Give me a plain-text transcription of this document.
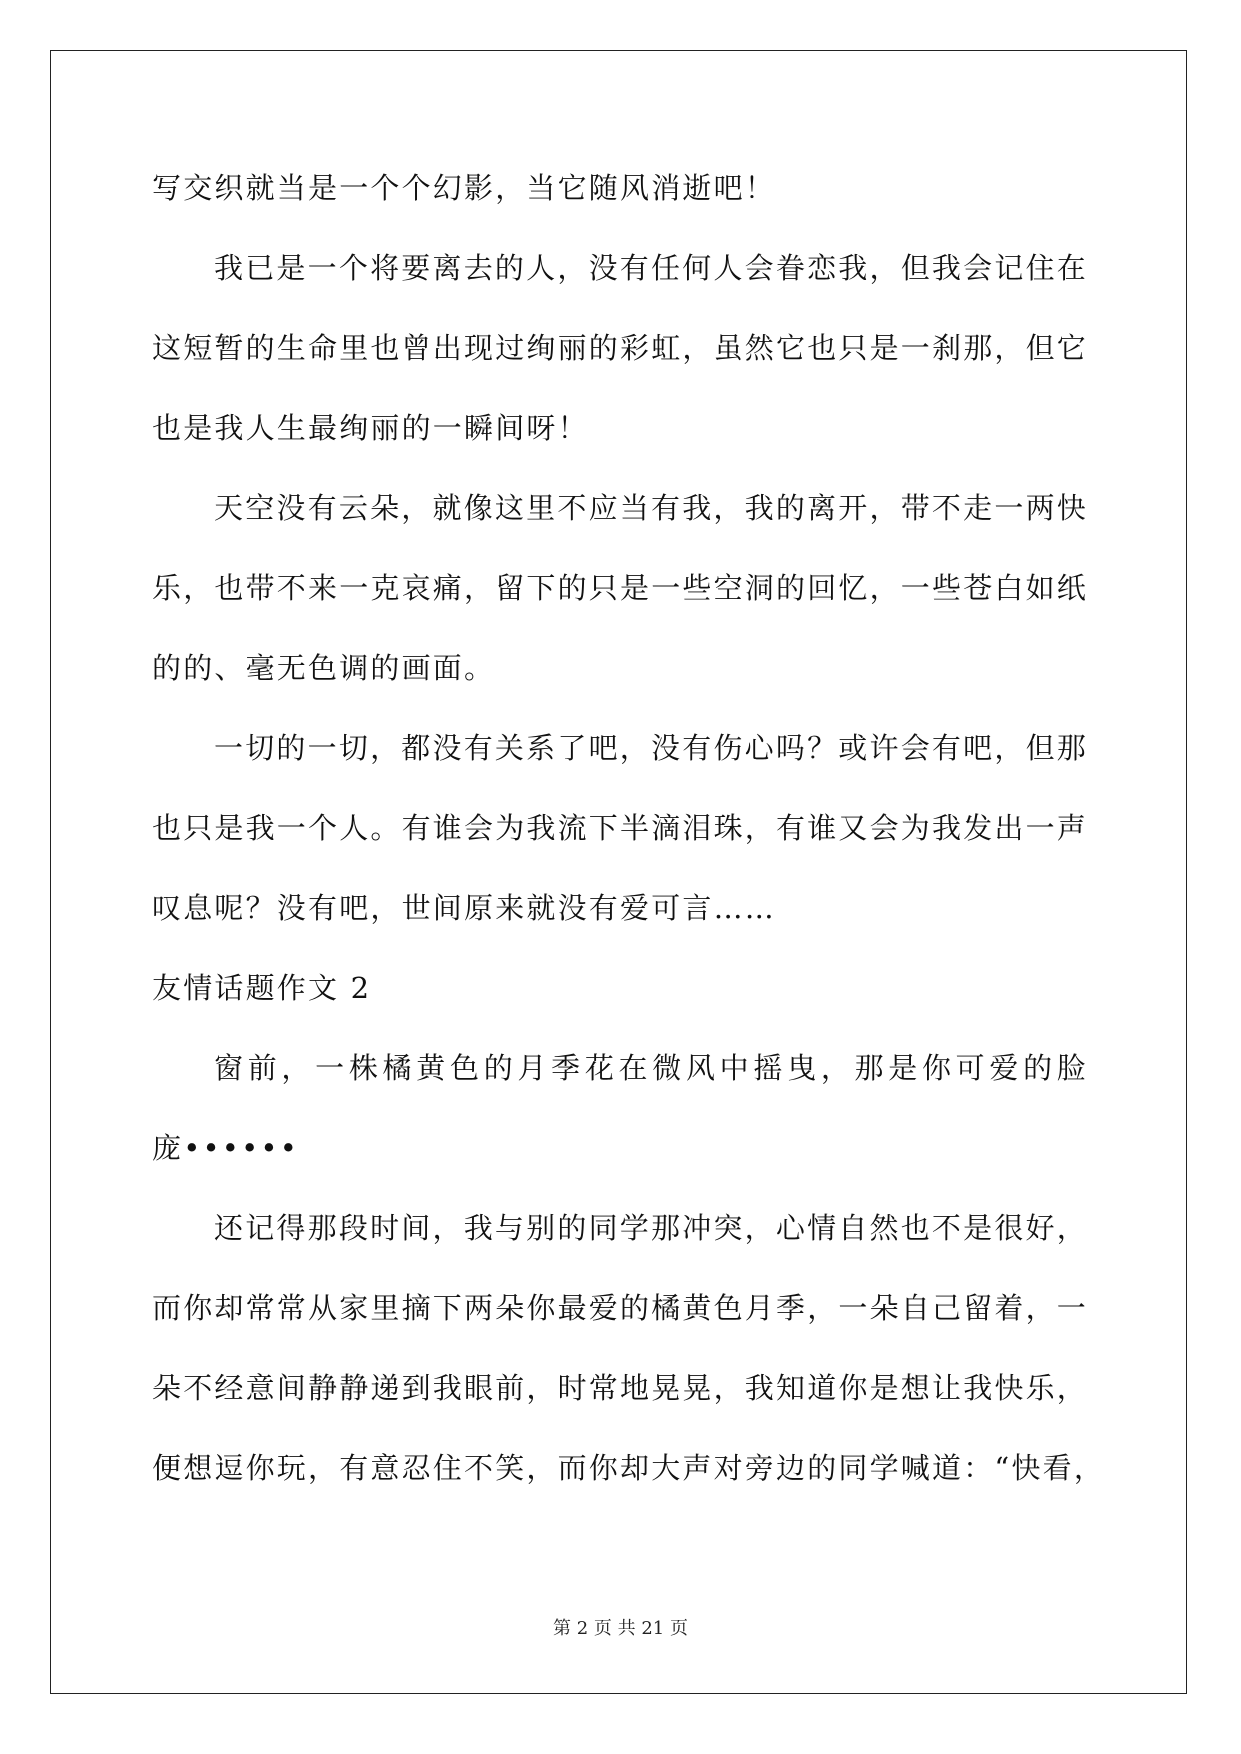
写交织就当是一个个幻影，当它随风消逝吧！
我已是一个将要离去的人，没有任何人会眷恋我，但我会记住在
这短暂的生命里也曾出现过绚丽的彩虹，虽然它也只是一刹那，但它
也是我人生最绚丽的一瞬间呀！
天空没有云朵，就像这里不应当有我，我的离开，带不走一两快
乐，也带不来一克哀痛，留下的只是一些空洞的回忆，一些苍白如纸
的的、毫无色调的画面。
一切的一切，都没有关系了吧，没有伤心吗？或许会有吧，但那
也只是我一个人。有谁会为我流下半滴泪珠，有谁又会为我发出一声
叹息呢？没有吧，世间原来就没有爱可言……
友情话题作文 2
窗前，一株橘黄色的月季花在微风中摇曳，那是你可爱的脸
庞••••••
还记得那段时间，我与别的同学那冲突，心情自然也不是很好，
而你却常常从家里摘下两朵你最爱的橘黄色月季，一朵自己留着，一
朵不经意间静静递到我眼前，时常地晃晃，我知道你是想让我快乐，
便想逗你玩，有意忍住不笑，而你却大声对旁边的同学喊道：“快看，
第 2 页 共 21 页
